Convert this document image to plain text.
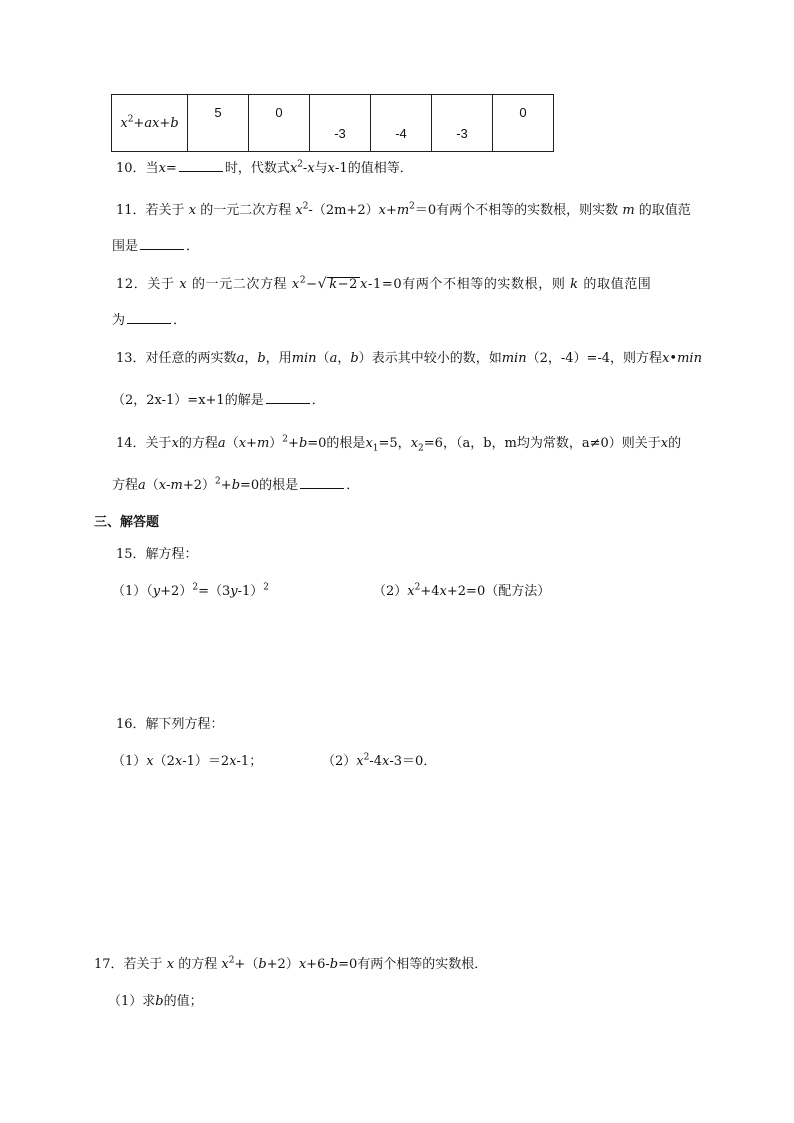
$x^2+ax+b$	5	0	-3	-4	-3	0
10．当x=	时，代数式$x^2-x$与x-1的值相等．
11．若关于 x 的一元二次方程 $x^2-(2m+2)x+m^2=0$有两个不相等的实数根，则实数 m 的取值范
围是	．
12．关于 x 的一元二次方程 $x^2-√$ k−2 x-1=0有两个不相等的实数根，则 k 的取值范围
为	．
13．对任意的两实数a，b，用min（a，b）表示其中较小的数，如min（2，-4）=-4，则方程x•min
（2，2x-1）=x+1的解是	．
14．关于x的方程$a(x+m)^2+b=0$的根是$x_1=5$，$x_2=6$，（a，b，m均为常数，a≠0）则关于x的
方程$a(x-m+2)^2+b=0$的根是	．
三、解答题
15．解方程：
$(1)(y+2)^2=(3y-1)^2$	$(2)x^2+4x+2=0$（配方法）
16．解下列方程：
（1）x（2x-1）＝2x-1；	$(2)x^2-4x-3=0$．
17．若关于 x 的方程 $x^2+(b+2)x+6-b=0$有两个相等的实数根．
（1）求b的值；
